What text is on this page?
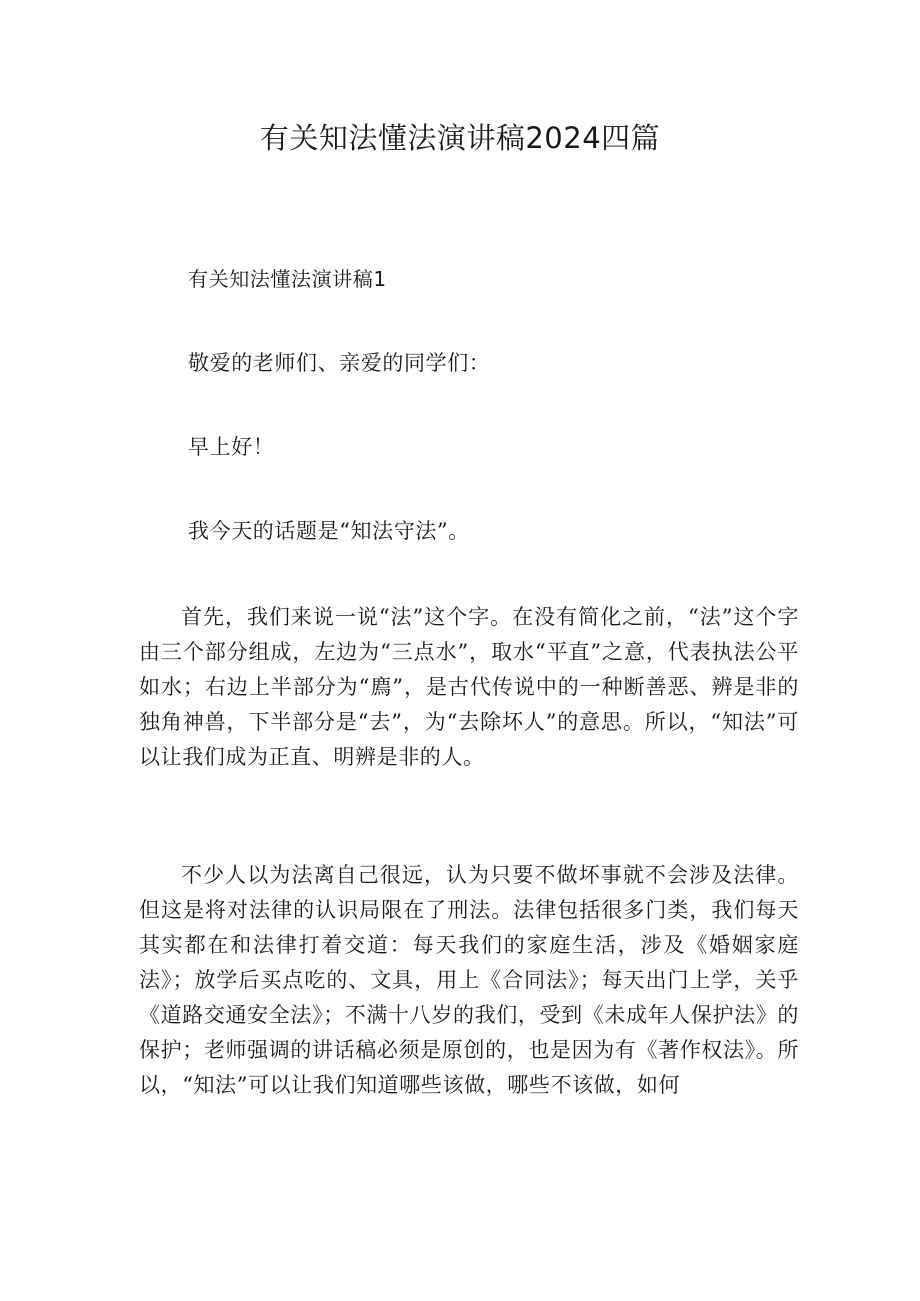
有关知法懂法演讲稿2024四篇

有关知法懂法演讲稿1

敬爱的老师们、亲爱的同学们：

早上好！

我今天的话题是“知法守法”。

首先，我们来说一说“法”这个字。在没有简化之前，“法”这个字由三个部分组成，左边为“三点水”，取水“平直”之意，代表执法公平如水；右边上半部分为“廌”，是古代传说中的一种断善恶、辨是非的独角神兽，下半部分是“去”，为“去除坏人”的意思。所以，“知法”可以让我们成为正直、明辨是非的人。

不少人以为法离自己很远，认为只要不做坏事就不会涉及法律。但这是将对法律的认识局限在了刑法。法律包括很多门类，我们每天其实都在和法律打着交道：每天我们的家庭生活，涉及《婚姻家庭法》；放学后买点吃的、文具，用上《合同法》；每天出门上学，关乎《道路交通安全法》；不满十八岁的我们，受到《未成年人保护法》的保护；老师强调的讲话稿必须是原创的，也是因为有《著作权法》。所以，“知法”可以让我们知道哪些该做，哪些不该做，如何
